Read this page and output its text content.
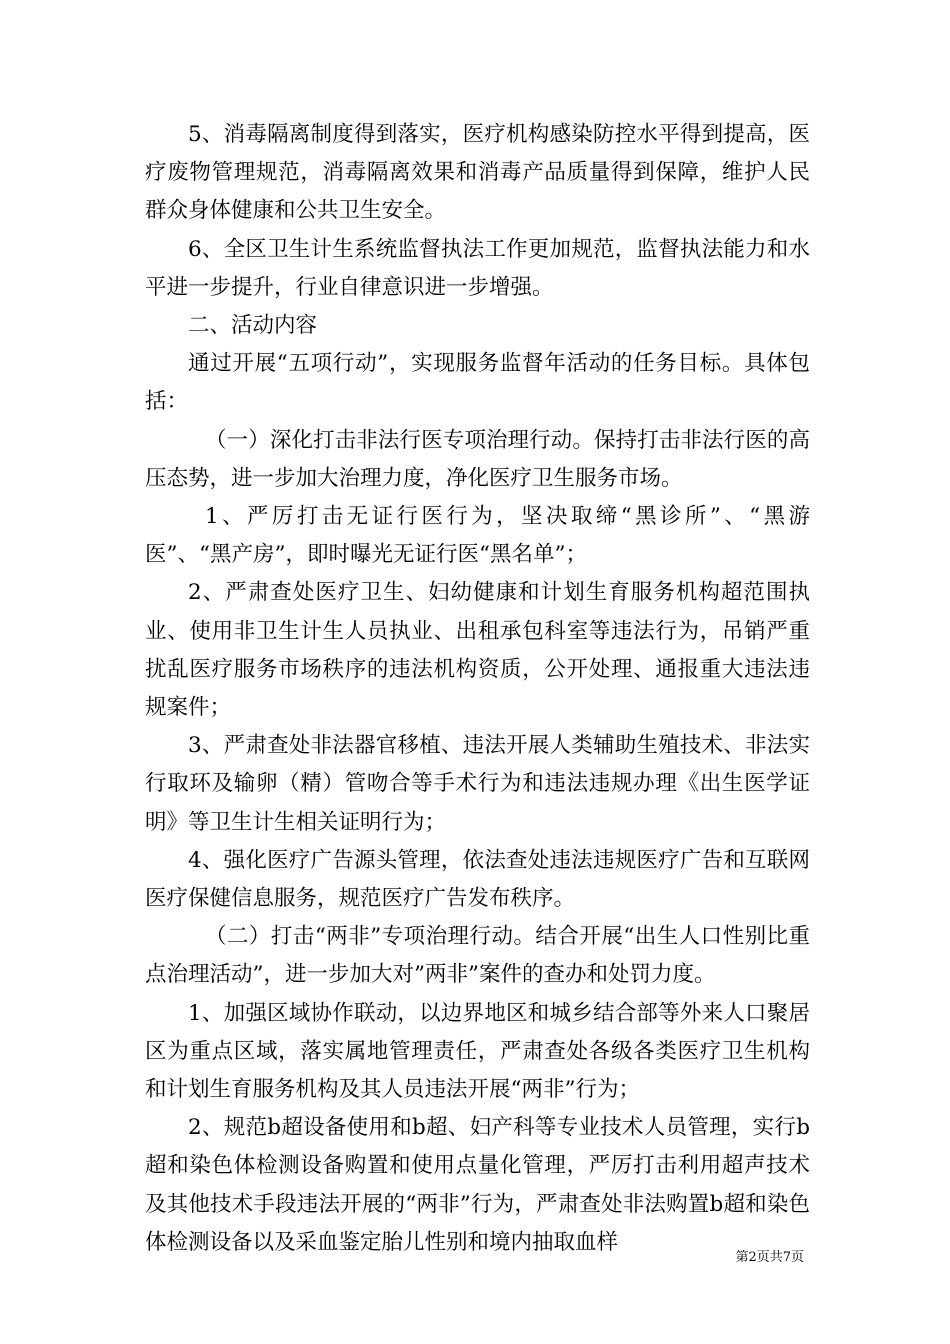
5、消毒隔离制度得到落实，医疗机构感染防控水平得到提高，医疗废物管理规范，消毒隔离效果和消毒产品质量得到保障，维护人民群众身体健康和公共卫生安全。

6、全区卫生计生系统监督执法工作更加规范，监督执法能力和水平进一步提升，行业自律意识进一步增强。

二、活动内容

通过开展“五项行动”，实现服务监督年活动的任务目标。具体包括：

（一）深化打击非法行医专项治理行动。保持打击非法行医的高压态势，进一步加大治理力度，净化医疗卫生服务市场。

1、严厉打击无证行医行为，坚决取缔“黑诊所”、“黑游医”、“黑产房”，即时曝光无证行医“黑名单”；

2、严肃查处医疗卫生、妇幼健康和计划生育服务机构超范围执业、使用非卫生计生人员执业、出租承包科室等违法行为，吊销严重扰乱医疗服务市场秩序的违法机构资质，公开处理、通报重大违法违规案件；

3、严肃查处非法器官移植、违法开展人类辅助生殖技术、非法实行取环及输卵（精）管吻合等手术行为和违法违规办理《出生医学证明》等卫生计生相关证明行为；

4、强化医疗广告源头管理，依法查处违法违规医疗广告和互联网医疗保健信息服务，规范医疗广告发布秩序。

（二）打击“两非”专项治理行动。结合开展“出生人口性别比重点治理活动”，进一步加大对”两非”案件的查办和处罚力度。

1、加强区域协作联动，以边界地区和城乡结合部等外来人口聚居区为重点区域，落实属地管理责任，严肃查处各级各类医疗卫生机构和计划生育服务机构及其人员违法开展“两非”行为；

2、规范b超设备使用和b超、妇产科等专业技术人员管理，实行b超和染色体检测设备购置和使用点量化管理，严厉打击利用超声技术及其他技术手段违法开展的“两非”行为，严肃查处非法购置b超和染色体检测设备以及采血鉴定胎儿性别和境内抽取血样

第2页共7页
